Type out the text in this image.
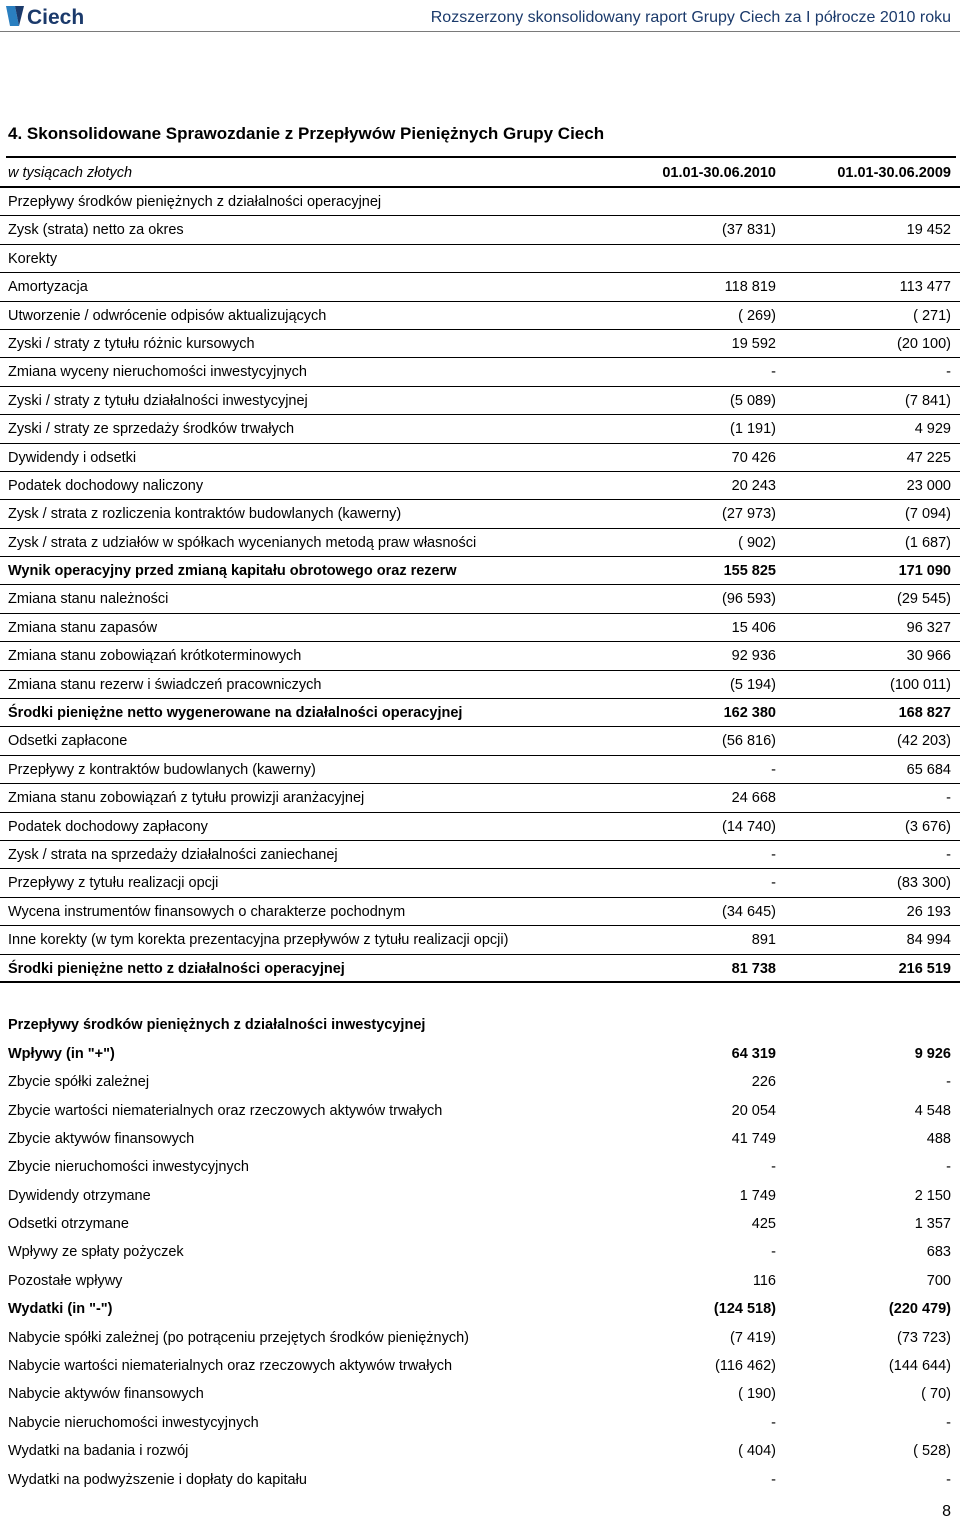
Ciech	Rozszerzony skonsolidowany raport Grupy Ciech za I półrocze 2010 roku
4. Skonsolidowane Sprawozdanie z Przepływów Pieniężnych Grupy Ciech
w tysiącach złotych	01.01-30.06.2010	01.01-30.06.2009
Przepływy środków pieniężnych z działalności operacyjnej
Zysk (strata) netto za okres	(37 831)	19 452
Korekty
Amortyzacja	118 819	113 477
Utworzenie / odwrócenie odpisów aktualizujących	( 269)	( 271)
Zyski / straty z tytułu różnic kursowych	19 592	(20 100)
Zmiana wyceny nieruchomości inwestycyjnych	-	-
Zyski / straty z tytułu działalności inwestycyjnej	(5 089)	(7 841)
Zyski / straty ze sprzedaży środków trwałych	(1 191)	4 929
Dywidendy i odsetki	70 426	47 225
Podatek dochodowy naliczony	20 243	23 000
Zysk / strata z rozliczenia kontraktów budowlanych (kawerny)	(27 973)	(7 094)
Zysk / strata z udziałów w spółkach wycenianych metodą praw własności	( 902)	(1 687)
Wynik operacyjny przed zmianą kapitału obrotowego oraz rezerw	155 825	171 090
Zmiana stanu należności	(96 593)	(29 545)
Zmiana stanu zapasów	15 406	96 327
Zmiana stanu zobowiązań krótkoterminowych	92 936	30 966
Zmiana stanu rezerw i świadczeń pracowniczych	(5 194)	(100 011)
Środki pieniężne netto wygenerowane na działalności operacyjnej	162 380	168 827
Odsetki zapłacone	(56 816)	(42 203)
Przepływy z kontraktów budowlanych (kawerny)	-	65 684
Zmiana stanu zobowiązań z tytułu prowizji aranżacyjnej	24 668	-
Podatek dochodowy zapłacony	(14 740)	(3 676)
Zysk / strata na sprzedaży działalności zaniechanej	-	-
Przepływy z tytułu realizacji opcji	-	(83 300)
Wycena instrumentów finansowych o charakterze pochodnym	(34 645)	26 193
Inne korekty (w tym korekta prezentacyjna przepływów z tytułu realizacji opcji)	891	84 994
Środki pieniężne netto z działalności operacyjnej	81 738	216 519
Przepływy środków pieniężnych z działalności inwestycyjnej
Wpływy (in "+")	64 319	9 926
Zbycie spółki zależnej	226	-
Zbycie wartości niematerialnych oraz rzeczowych aktywów trwałych	20 054	4 548
Zbycie aktywów finansowych	41 749	488
Zbycie nieruchomości inwestycyjnych	-	-
Dywidendy otrzymane	1 749	2 150
Odsetki otrzymane	425	1 357
Wpływy ze spłaty pożyczek	-	683
Pozostałe wpływy	116	700
Wydatki (in "-")	(124 518)	(220 479)
Nabycie spółki zależnej (po potrąceniu przejętych środków pieniężnych)	(7 419)	(73 723)
Nabycie wartości niematerialnych oraz rzeczowych aktywów trwałych	(116 462)	(144 644)
Nabycie aktywów finansowych	( 190)	( 70)
Nabycie nieruchomości inwestycyjnych	-	-
Wydatki na badania i rozwój	( 404)	( 528)
Wydatki na podwyższenie i dopłaty do kapitału	-	-
8
